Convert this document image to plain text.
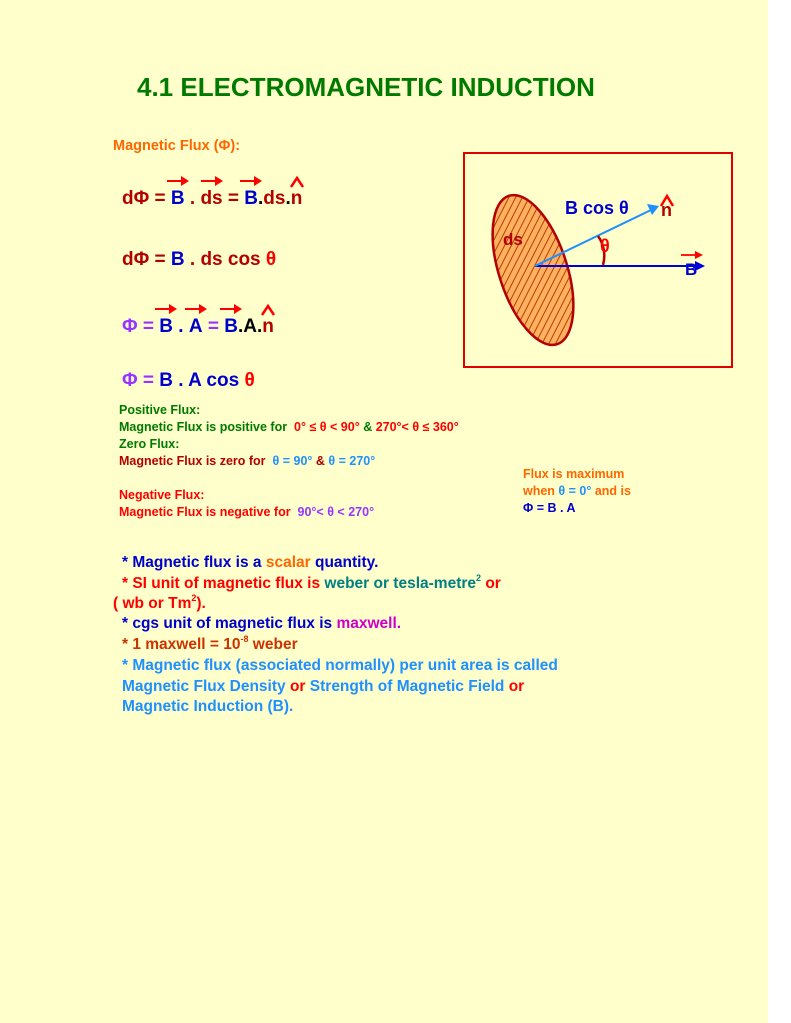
4.1 ELECTROMAGNETIC INDUCTION
Magnetic Flux (Φ):
dΦ =
B .
ds =
B.ds.
n
dΦ = B . ds cos θ
Φ =
B .
A =
B.A.
n
Φ = B . A cos θ
Positive Flux:
Magnetic Flux is positive for 0° ≤ θ < 90° & 270°< θ ≤ 360°
Zero Flux:
Magnetic Flux is zero for θ = 90° & θ = 270°
Negative Flux:
Magnetic Flux is negative for 90°< θ < 270°
Flux is maximum
when θ = 0° and is
Φ = B . A
ds
B cos θ n
θ
B
* Magnetic flux is a scalar quantity.
* SI unit of magnetic flux is weber or tesla-metre$^2$ or
( wb or Tm$^2$).
* cgs unit of magnetic flux is maxwell.
* 1 maxwell = $10^{-8}$ weber
* Magnetic flux (associated normally) per unit area is called
Magnetic Flux Density or Strength of Magnetic Field or
Magnetic Induction (B).
